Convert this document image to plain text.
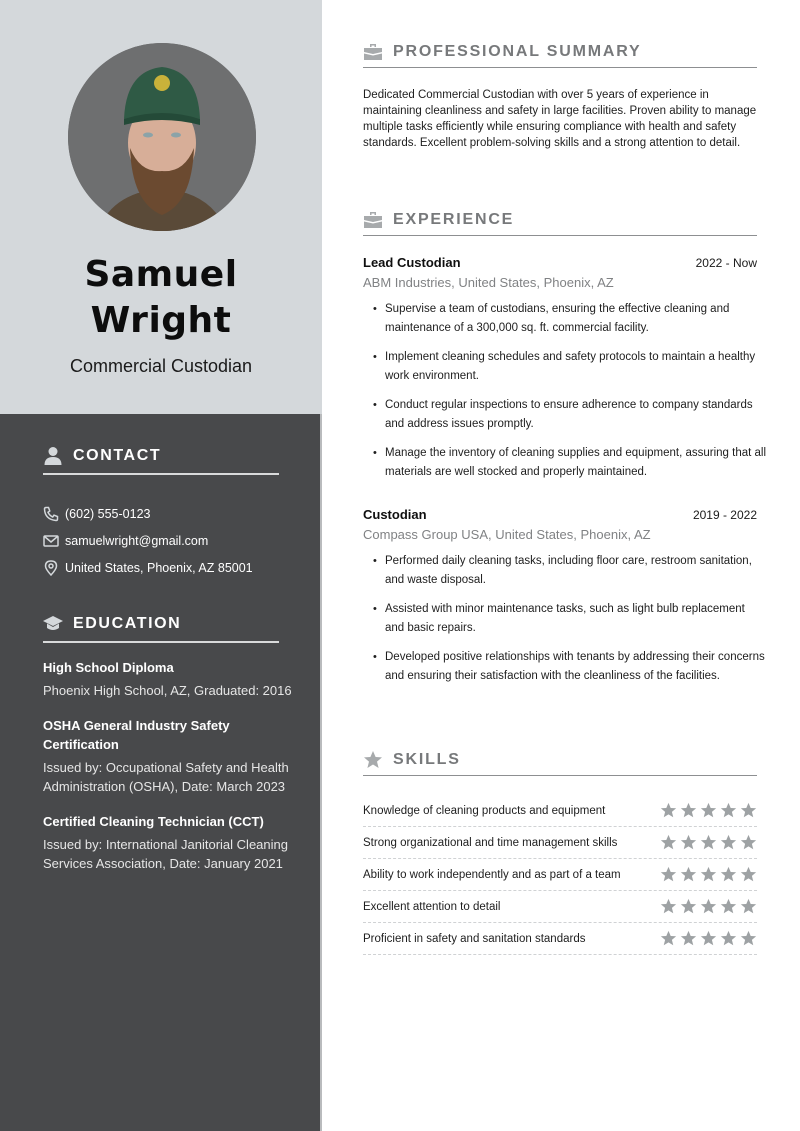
Samuel
Wright
Commercial Custodian
CONTACT
(602) 555-0123
samuelwright@gmail.com
United States, Phoenix, AZ 85001
EDUCATION
High School Diploma
Phoenix High School, AZ, Graduated: 2016
OSHA General Industry Safety Certification
Issued by: Occupational Safety and Health Administration (OSHA), Date: March 2023
Certified Cleaning Technician (CCT)
Issued by: International Janitorial Cleaning Services Association, Date: January 2021
PROFESSIONAL SUMMARY
Dedicated Commercial Custodian with over 5 years of experience in maintaining cleanliness and safety in large facilities. Proven ability to manage multiple tasks efficiently while ensuring compliance with health and safety standards. Excellent problem-solving skills and a strong attention to detail.
EXPERIENCE
Lead Custodian	2022 - Now
ABM Industries, United States, Phoenix, AZ
• Supervise a team of custodians, ensuring the effective cleaning and maintenance of a 300,000 sq. ft. commercial facility.
• Implement cleaning schedules and safety protocols to maintain a healthy work environment.
• Conduct regular inspections to ensure adherence to company standards and address issues promptly.
• Manage the inventory of cleaning supplies and equipment, assuring that all materials are well stocked and properly maintained.
Custodian	2019 - 2022
Compass Group USA, United States, Phoenix, AZ
• Performed daily cleaning tasks, including floor care, restroom sanitation, and waste disposal.
• Assisted with minor maintenance tasks, such as light bulb replacement and basic repairs.
• Developed positive relationships with tenants by addressing their concerns and ensuring their satisfaction with the cleanliness of the facilities.
SKILLS
Knowledge of cleaning products and equipment
Strong organizational and time management skills
Ability to work independently and as part of a team
Excellent attention to detail
Proficient in safety and sanitation standards
